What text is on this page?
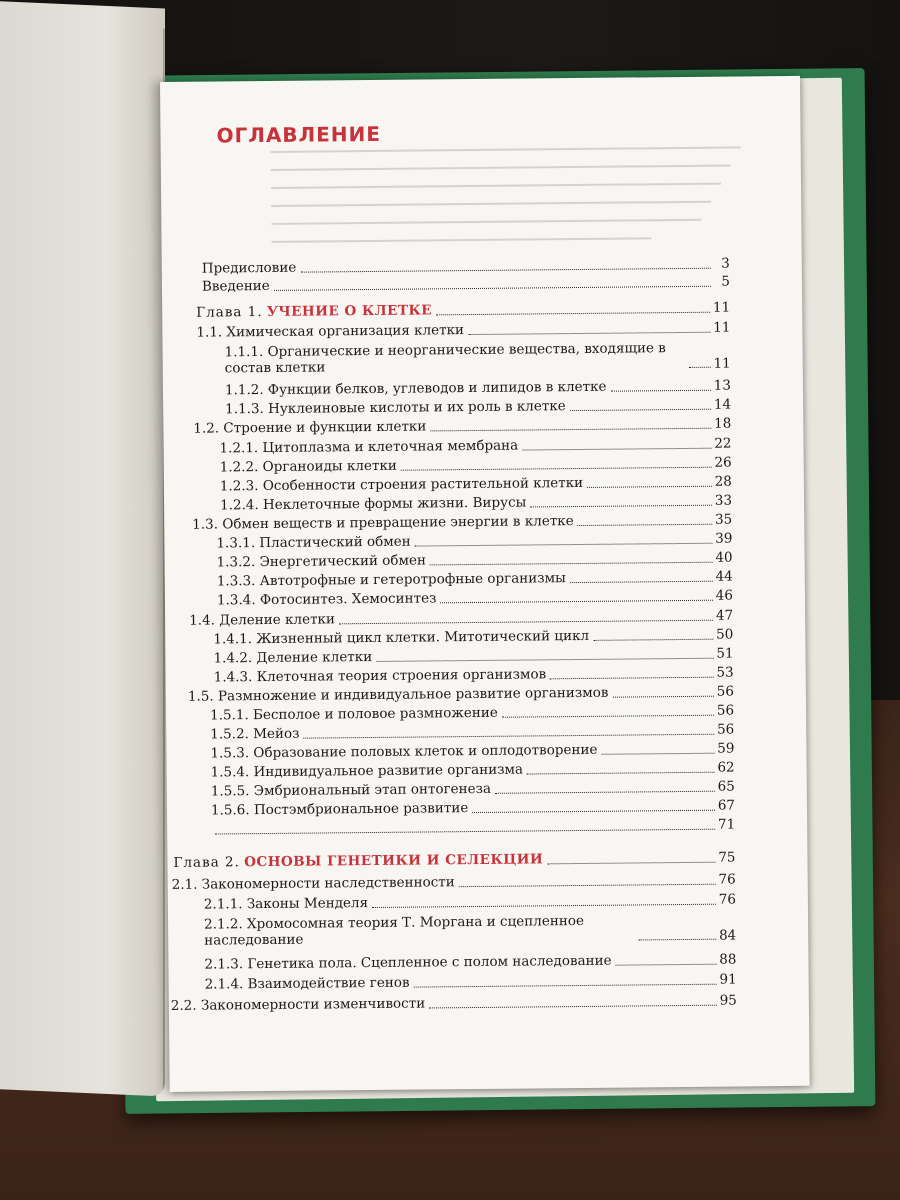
ОГЛАВЛЕНИЕ
Предисловие	3
Введение	5
Глава 1. УЧЕНИЕ О КЛЕТКЕ	11
1.1. Химическая организация клетки	11
1.1.1. Органические и неорганические вещества, входящие в состав клетки	11
1.1.2. Функции белков, углеводов и липидов в клетке	13
1.1.3. Нуклеиновые кислоты и их роль в клетке	14
1.2. Строение и функции клетки	18
1.2.1. Цитоплазма и клеточная мембрана	22
1.2.2. Органоиды клетки	26
1.2.3. Особенности строения растительной клетки	28
1.2.4. Неклеточные формы жизни. Вирусы	33
1.3. Обмен веществ и превращение энергии в клетке	35
1.3.1. Пластический обмен	39
1.3.2. Энергетический обмен	40
1.3.3. Автотрофные и гетеротрофные организмы	44
1.3.4. Фотосинтез. Хемосинтез	46
1.4. Деление клетки	47
1.4.1. Жизненный цикл клетки. Митотический цикл	50
1.4.2. Деление клетки	51
1.4.3. Клеточная теория строения организмов	53
1.5. Размножение и индивидуальное развитие организмов	56
1.5.1. Бесполое и половое размножение	56
1.5.2. Мейоз	56
1.5.3. Образование половых клеток и оплодотворение	59
1.5.4. Индивидуальное развитие организма	62
1.5.5. Эмбриональный этап онтогенеза	65
1.5.6. Постэмбриональное развитие	67
71
Глава 2. ОСНОВЫ ГЕНЕТИКИ И СЕЛЕКЦИИ	75
2.1. Закономерности наследственности	76
2.1.1. Законы Менделя	76
2.1.2. Хромосомная теория Т. Моргана и сцепленное наследование	84
2.1.3. Генетика пола. Сцепленное с полом наследование	88
2.1.4. Взаимодействие генов	91
2.2. Закономерности изменчивости	95
